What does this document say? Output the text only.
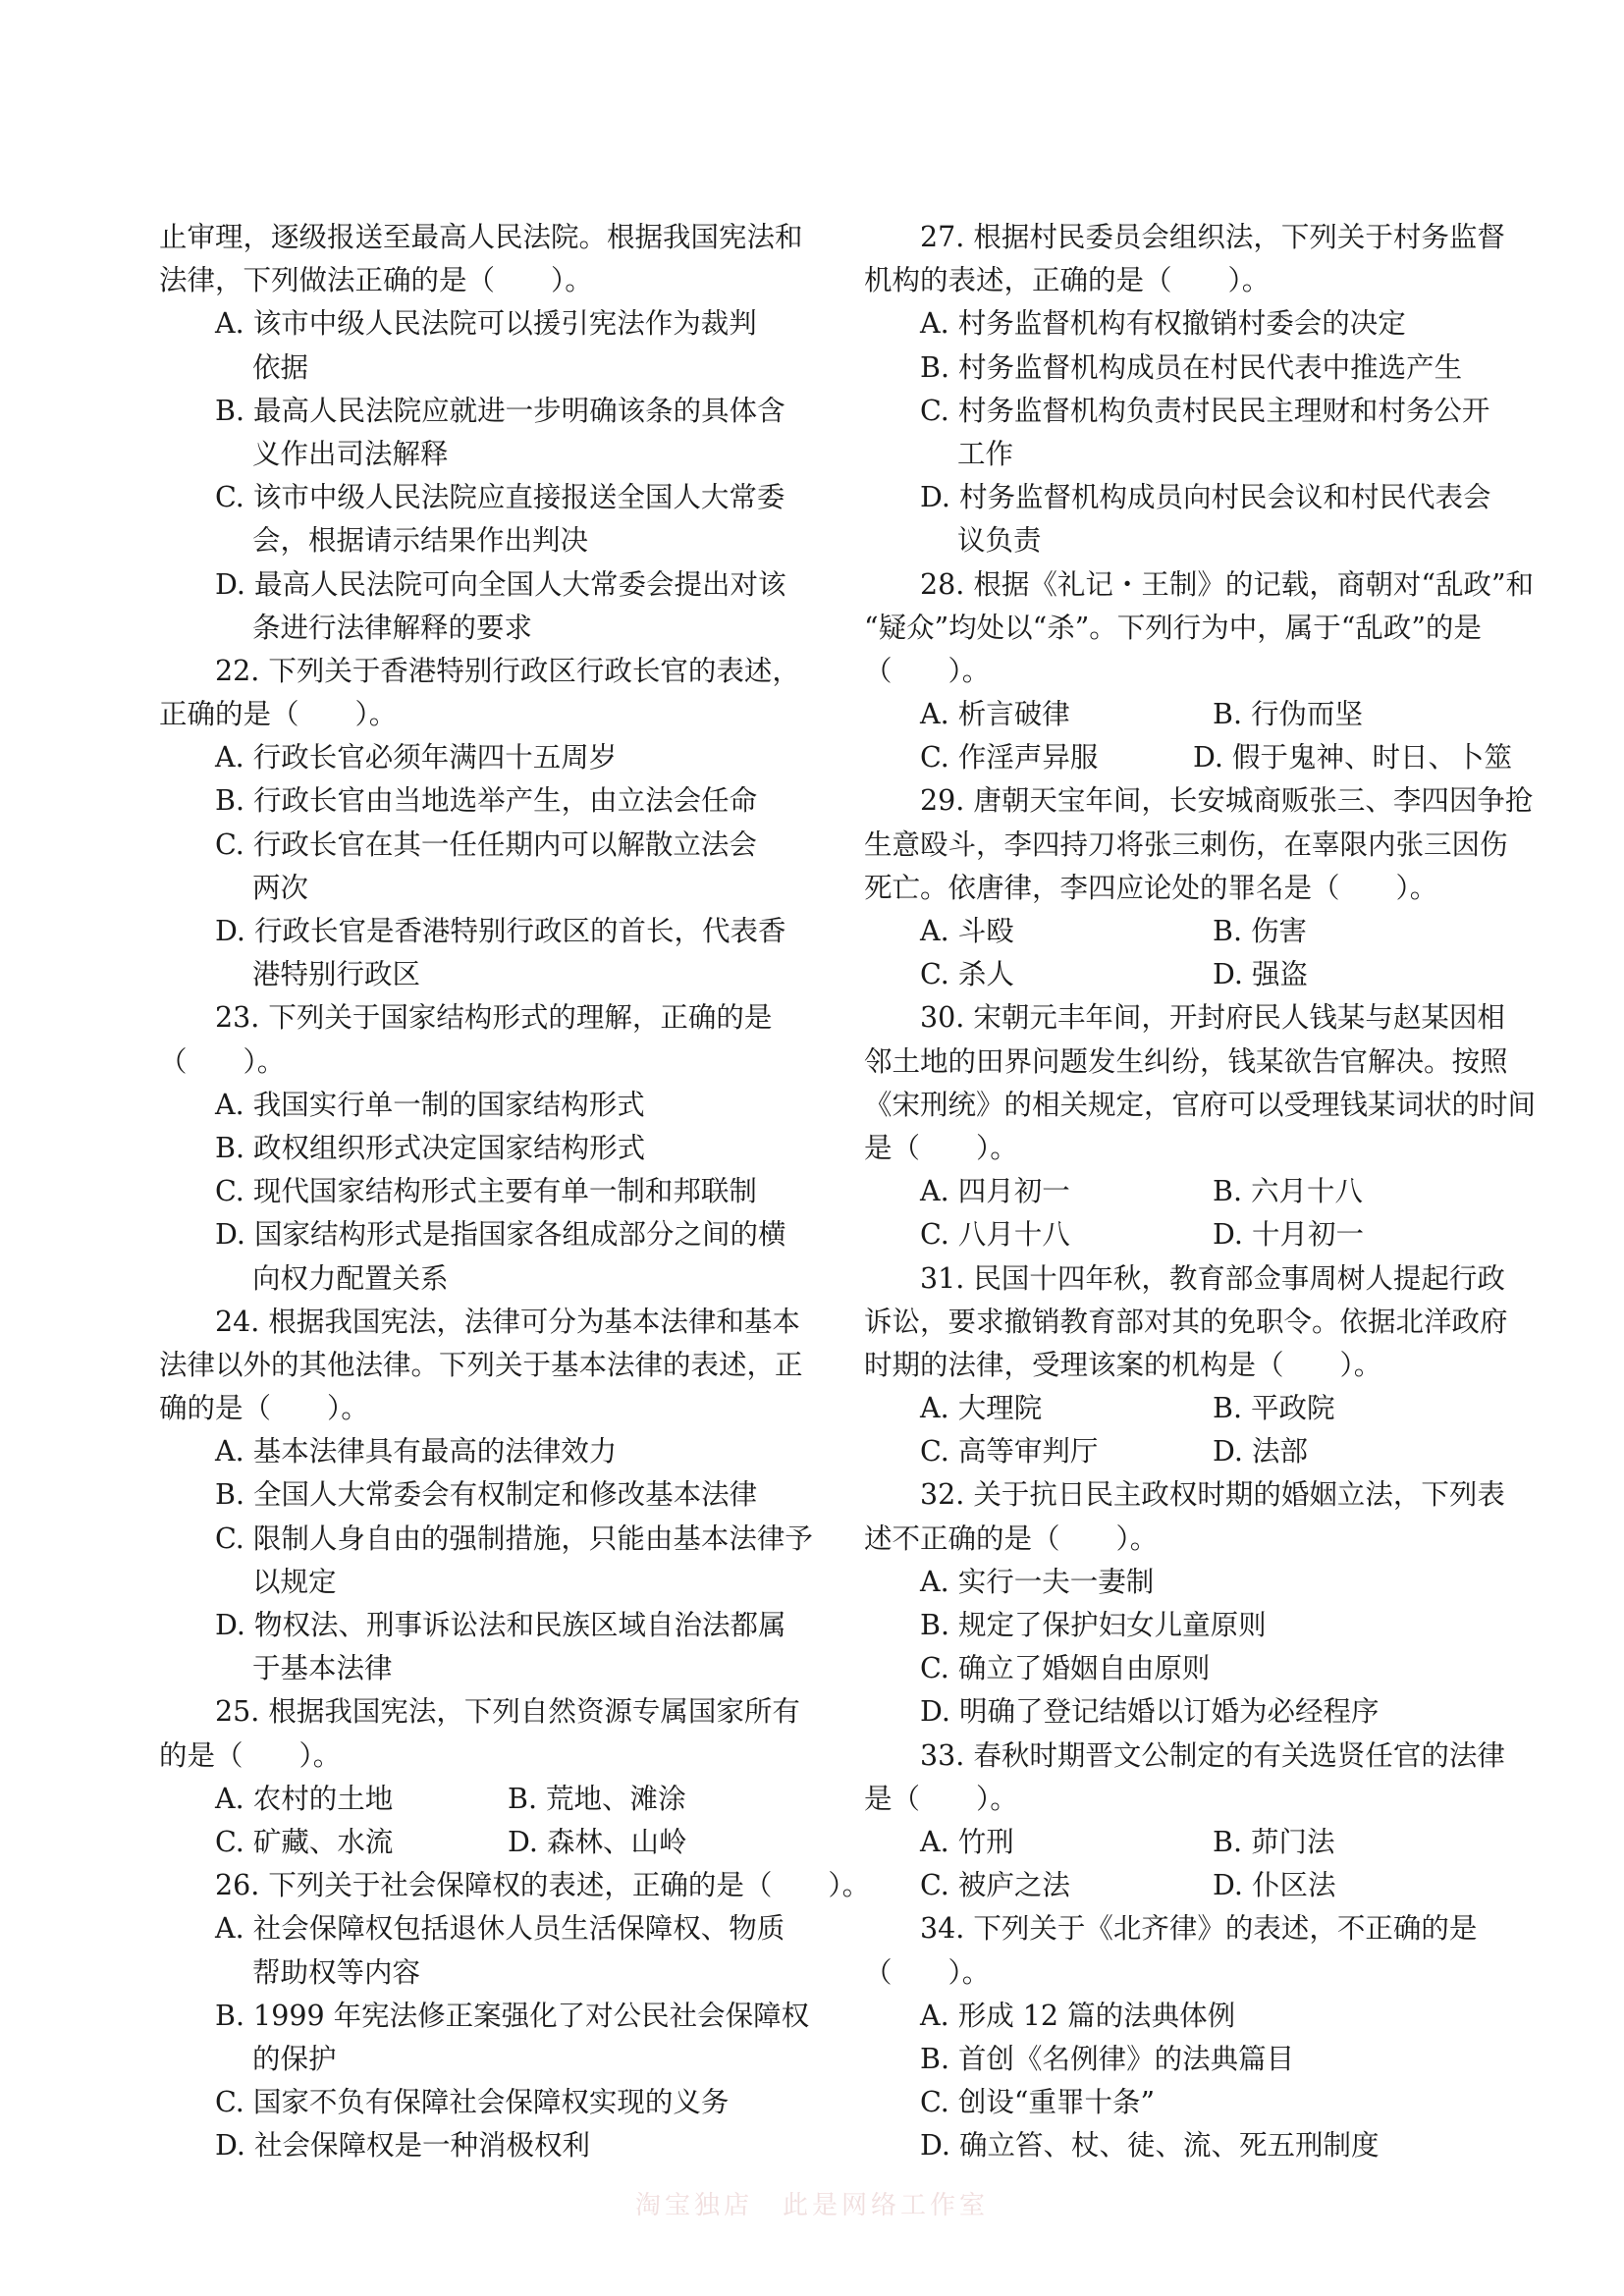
止审理，逐级报送至最高人民法院。根据我国宪法和
法律，下列做法正确的是（　　）。
A. 该市中级人民法院可以援引宪法作为裁判
依据
B. 最高人民法院应就进一步明确该条的具体含
义作出司法解释
C. 该市中级人民法院应直接报送全国人大常委
会，根据请示结果作出判决
D. 最高人民法院可向全国人大常委会提出对该
条进行法律解释的要求
22. 下列关于香港特别行政区行政长官的表述，
正确的是（　　）。
A. 行政长官必须年满四十五周岁
B. 行政长官由当地选举产生，由立法会任命
C. 行政长官在其一任任期内可以解散立法会
两次
D. 行政长官是香港特别行政区的首长，代表香
港特别行政区
23. 下列关于国家结构形式的理解，正确的是
（　　）。
A. 我国实行单一制的国家结构形式
B. 政权组织形式决定国家结构形式
C. 现代国家结构形式主要有单一制和邦联制
D. 国家结构形式是指国家各组成部分之间的横
向权力配置关系
24. 根据我国宪法，法律可分为基本法律和基本
法律以外的其他法律。下列关于基本法律的表述，正
确的是（　　）。
A. 基本法律具有最高的法律效力
B. 全国人大常委会有权制定和修改基本法律
C. 限制人身自由的强制措施，只能由基本法律予
以规定
D. 物权法、刑事诉讼法和民族区域自治法都属
于基本法律
25. 根据我国宪法，下列自然资源专属国家所有
的是（　　）。
A. 农村的土地	B. 荒地、滩涂
C. 矿藏、水流	D. 森林、山岭
26. 下列关于社会保障权的表述，正确的是（　　）。
A. 社会保障权包括退休人员生活保障权、物质
帮助权等内容
B. 1999 年宪法修正案强化了对公民社会保障权
的保护
C. 国家不负有保障社会保障权实现的义务
D. 社会保障权是一种消极权利
27. 根据村民委员会组织法，下列关于村务监督
机构的表述，正确的是（　　）。
A. 村务监督机构有权撤销村委会的决定
B. 村务监督机构成员在村民代表中推选产生
C. 村务监督机构负责村民民主理财和村务公开
工作
D. 村务监督机构成员向村民会议和村民代表会
议负责
28. 根据《礼记・王制》的记载，商朝对“乱政”和
“疑众”均处以“杀”。下列行为中，属于“乱政”的是
（　　）。
A. 析言破律	B. 行伪而坚
C. 作淫声异服	D. 假于鬼神、时日、卜筮
29. 唐朝天宝年间，长安城商贩张三、李四因争抢
生意殴斗，李四持刀将张三刺伤，在辜限内张三因伤
死亡。依唐律，李四应论处的罪名是（　　）。
A. 斗殴	B. 伤害
C. 杀人	D. 强盗
30. 宋朝元丰年间，开封府民人钱某与赵某因相
邻土地的田界问题发生纠纷，钱某欲告官解决。按照
《宋刑统》的相关规定，官府可以受理钱某词状的时间
是（　　）。
A. 四月初一	B. 六月十八
C. 八月十八	D. 十月初一
31. 民国十四年秋，教育部佥事周树人提起行政
诉讼，要求撤销教育部对其的免职令。依据北洋政府
时期的法律，受理该案的机构是（　　）。
A. 大理院	B. 平政院
C. 高等审判厅	D. 法部
32. 关于抗日民主政权时期的婚姻立法，下列表
述不正确的是（　　）。
A. 实行一夫一妻制
B. 规定了保护妇女儿童原则
C. 确立了婚姻自由原则
D. 明确了登记结婚以订婚为必经程序
33. 春秋时期晋文公制定的有关选贤任官的法律
是（　　）。
A. 竹刑	B. 茆门法
C. 被庐之法	D. 仆区法
34. 下列关于《北齐律》的表述，不正确的是
（　　）。
A. 形成 12 篇的法典体例
B. 首创《名例律》的法典篇目
C. 创设“重罪十条”
D. 确立笞、杖、徒、流、死五刑制度
淘宝独店　此是网络工作室
